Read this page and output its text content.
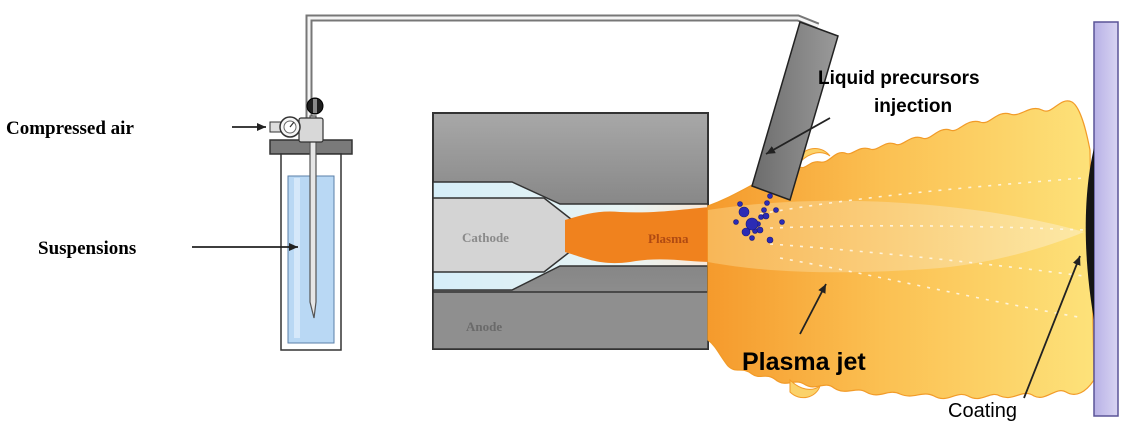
Compressed air
Suspensions
Cathode
Anode
Plasma
Liquid precursors
injection
Plasma jet
Coating
